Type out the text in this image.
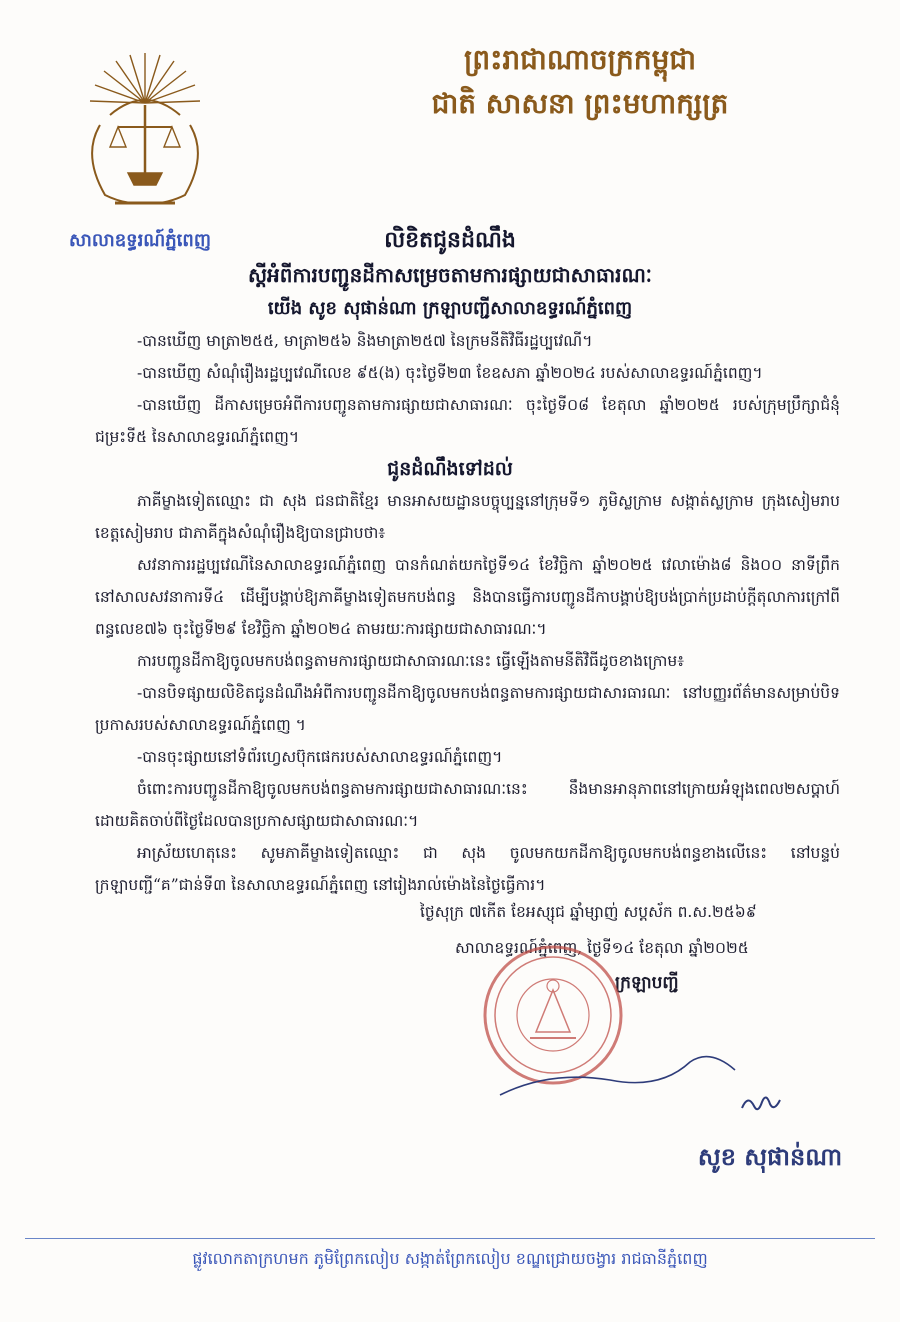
ព្រះរាជាណាចក្រកម្ពុជា
ជាតិ សាសនា ព្រះមហាក្សត្រ
សាលាឧទ្ធរណ៍ភ្នំពេញ	លិខិតជូនដំណឹង
ស្តីអំពីការបញ្ជូនដីកាសម្រេចតាមការផ្សាយជាសាធារណៈ
យើង សូខ សុផាន់ណា ក្រឡាបញ្ជីសាលាឧទ្ធរណ៍ភ្នំពេញ

-បានឃើញ មាត្រា២៥៥, មាត្រា២៥៦ និងមាត្រា២៥៧ នៃក្រមនីតិវិធីរដ្ឋប្បវេណី។

-បានឃើញ សំណុំរឿងរដ្ឋប្បវេណីលេខ ៩៥(ង) ចុះថ្ងៃទី២៣ ខែឧសភា ឆ្នាំ២០២៤ របស់សាលាឧទ្ធរណ៍ភ្នំពេញ។

-បានឃើញ ដីកាសម្រេចអំពីការបញ្ជូនតាមការផ្សាយជាសាធារណៈ ចុះថ្ងៃទី០៨ ខែតុលា ឆ្នាំ២០២៥ របស់ក្រុមប្រឹក្សាជំនុំជម្រះទី៥ នៃសាលាឧទ្ធរណ៍ភ្នំពេញ។

ជូនដំណឹងទៅដល់

ភាគីម្ខាងទៀតឈ្មោះ ជា សុង ជនជាតិខ្មែរ មានអាសយដ្ឋានបច្ចុប្បន្ននៅក្រុមទី១ ភូមិស្លក្រាម សង្កាត់ស្លក្រាម ក្រុងសៀមរាប ខេត្តសៀមរាប ជាភាគីក្នុងសំណុំរឿងឱ្យបានជ្រាបថា៖

សវនាការរដ្ឋប្បវេណីនៃសាលាឧទ្ធរណ៍ភ្នំពេញ បានកំណត់យកថ្ងៃទី១៤ ខែវិច្ឆិកា ឆ្នាំ២០២៥ វេលាម៉ោង៨ និង០០ នាទីព្រឹក នៅសាលសវនាការទី៤ ដើម្បីបង្គាប់ឱ្យភាគីម្ខាងទៀតមកបង់ពន្ធ និងបានធ្វើការបញ្ជូនដីកាបង្គាប់ឱ្យបង់ប្រាក់ប្រដាប់ក្ដីតុលាការក្រៅពីពន្ធលេខ៧៦ ចុះថ្ងៃទី២៩ ខែវិច្ឆិកា ឆ្នាំ២០២៤ តាមរយៈការផ្សាយជាសាធារណៈ។

ការបញ្ជូនដីកាឱ្យចូលមកបង់ពន្ធតាមការផ្សាយជាសាធារណៈនេះ ធ្វើឡើងតាមនីតិវិធីដូចខាងក្រោម៖

-បានបិទផ្សាយលិខិតជូនដំណឹងអំពីការបញ្ជូនដីកាឱ្យចូលមកបង់ពន្ធតាមការផ្សាយជាសារធារណៈ នៅបញ្ញរព័ត៌មានសម្រាប់បិទប្រកាសរបស់សាលាឧទ្ធរណ៍ភ្នំពេញ ។

-បានចុះផ្សាយនៅទំព័រហ្វេសប៊ុកផេករបស់សាលាឧទ្ធរណ៍ភ្នំពេញ។

ចំពោះការបញ្ជូនដីកាឱ្យចូលមកបង់ពន្ធតាមការផ្សាយជាសាធារណៈនេះ នឹងមានអានុភាពនៅក្រោយអំឡុងពេល២សប្តាហ៍ ដោយគិតចាប់ពីថ្ងៃដែលបានប្រកាសផ្សាយជាសាធារណៈ។

អាស្រ័យហេតុនេះ សូមភាគីម្ខាងទៀតឈ្មោះ ជា សុង ចូលមកយកដីកាឱ្យចូលមកបង់ពន្ធខាងលើនេះ នៅបន្ទប់ក្រឡាបញ្ជី“គ”ជាន់ទី៣ នៃសាលាឧទ្ធរណ៍ភ្នំពេញ នៅរៀងរាល់ម៉ោងនៃថ្ងៃធ្វើការ។

ថ្ងៃសុក្រ ៧កើត ខែអស្សុជ ឆ្នាំម្សាញ់ សប្តស័ក ព.ស.២៥៦៩
សាលាឧទ្ធរណ៍ភ្នំពេញ, ថ្ងៃទី១៤ ខែតុលា ឆ្នាំ២០២៥
ក្រឡាបញ្ជី
សូខ សុផាន់ណា
ផ្លូវលោកតាក្រហមក ភូមិព្រែកលៀប សង្កាត់ព្រែកលៀប ខណ្ឌជ្រោយចង្វារ រាជធានីភ្នំពេញ
